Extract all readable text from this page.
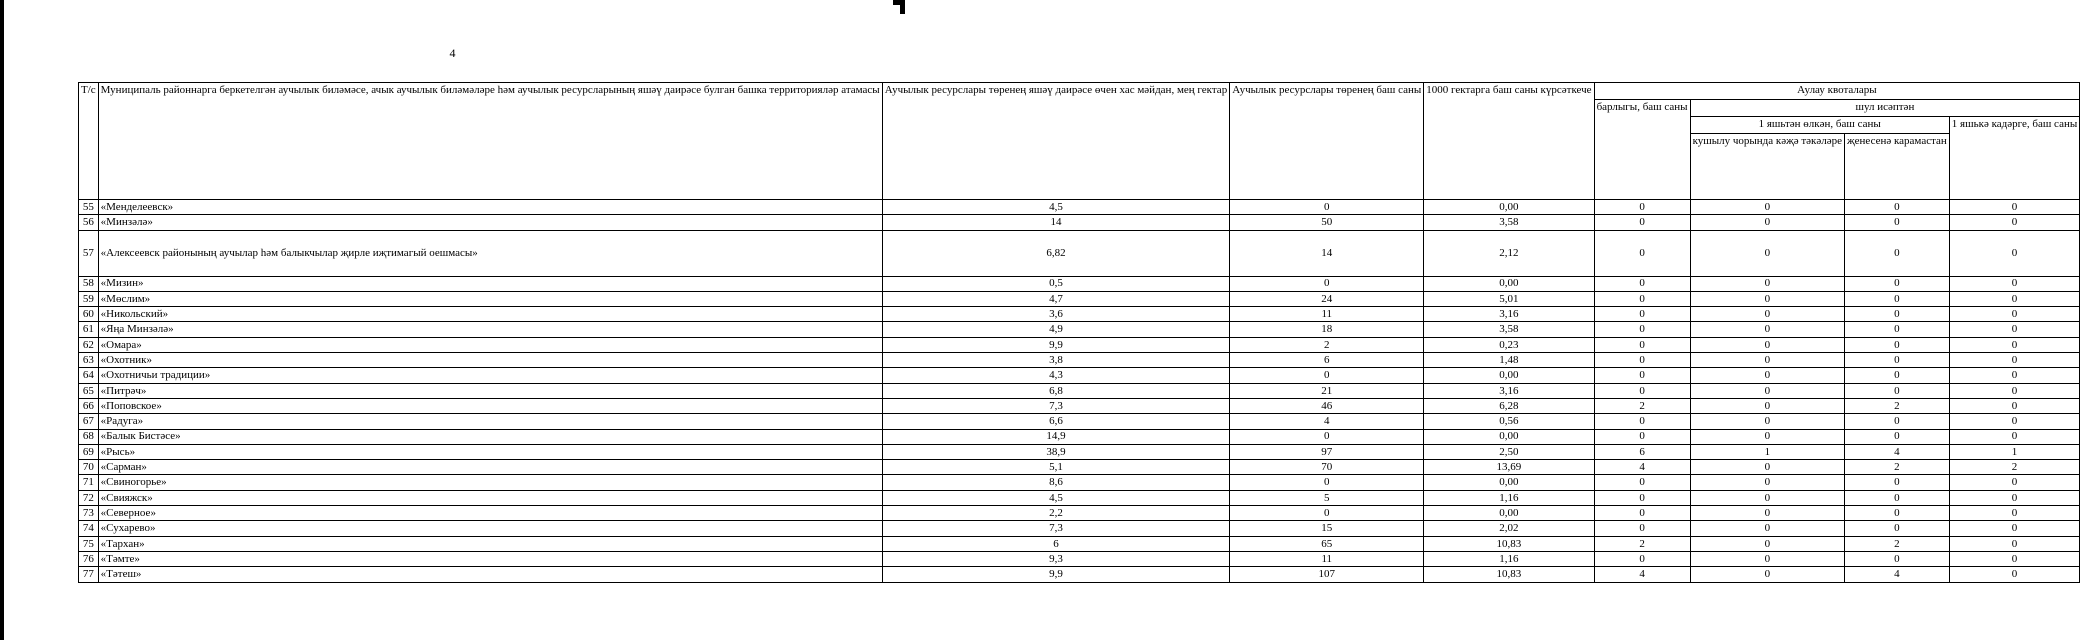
4
Т/с	Муниципаль районнарга беркетелгән аучылык биләмәсе, ачык аучылык биләмәләре һәм аучылык ресурсларының яшәү даирәсе булган башка территорияләр атамасы	Аучылык ресурслары төренең яшәү даирәсе өчен хас мәйдан, мең гектар	Аучылык ресурслары төренең баш саны	1000 гектарга баш саны күрсәткече	Аулау квоталары			
					барлыгы, баш саны	шул исәптән		
						1 яшьтән өлкән, баш саны		1 яшькә кадәрге, баш саны
						кушылу чорында кәҗә тәкәләре	җенесенә карамастан	
55	«Менделеевск»	4,5	0	0,00	0	0	0	0
56	«Минзәлә»	14	50	3,58	0	0	0	0
57	«Алексеевск районының аучылар һәм балыкчылар җирле иҗтимагый оешмасы»	6,82	14	2,12	0	0	0	0
58	«Мизин»	0,5	0	0,00	0	0	0	0
59	«Мөслим»	4,7	24	5,01	0	0	0	0
60	«Никольский»	3,6	11	3,16	0	0	0	0
61	«Яңа Минзәлә»	4,9	18	3,58	0	0	0	0
62	«Омара»	9,9	2	0,23	0	0	0	0
63	«Охотник»	3,8	6	1,48	0	0	0	0
64	«Охотничьи традиции»	4,3	0	0,00	0	0	0	0
65	«Питрәч»	6,8	21	3,16	0	0	0	0
66	«Поповское»	7,3	46	6,28	2	0	2	0
67	«Радуга»	6,6	4	0,56	0	0	0	0
68	«Балык Бистәсе»	14,9	0	0,00	0	0	0	0
69	«Рысь»	38,9	97	2,50	6	1	4	1
70	«Сарман»	5,1	70	13,69	4	0	2	2
71	«Свиногорье»	8,6	0	0,00	0	0	0	0
72	«Свияжск»	4,5	5	1,16	0	0	0	0
73	«Северное»	2,2	0	0,00	0	0	0	0
74	«Сухарево»	7,3	15	2,02	0	0	0	0
75	«Тархан»	6	65	10,83	2	0	2	0
76	«Тәмте»	9,3	11	1,16	0	0	0	0
77	«Тәтеш»	9,9	107	10,83	4	0	4	0
